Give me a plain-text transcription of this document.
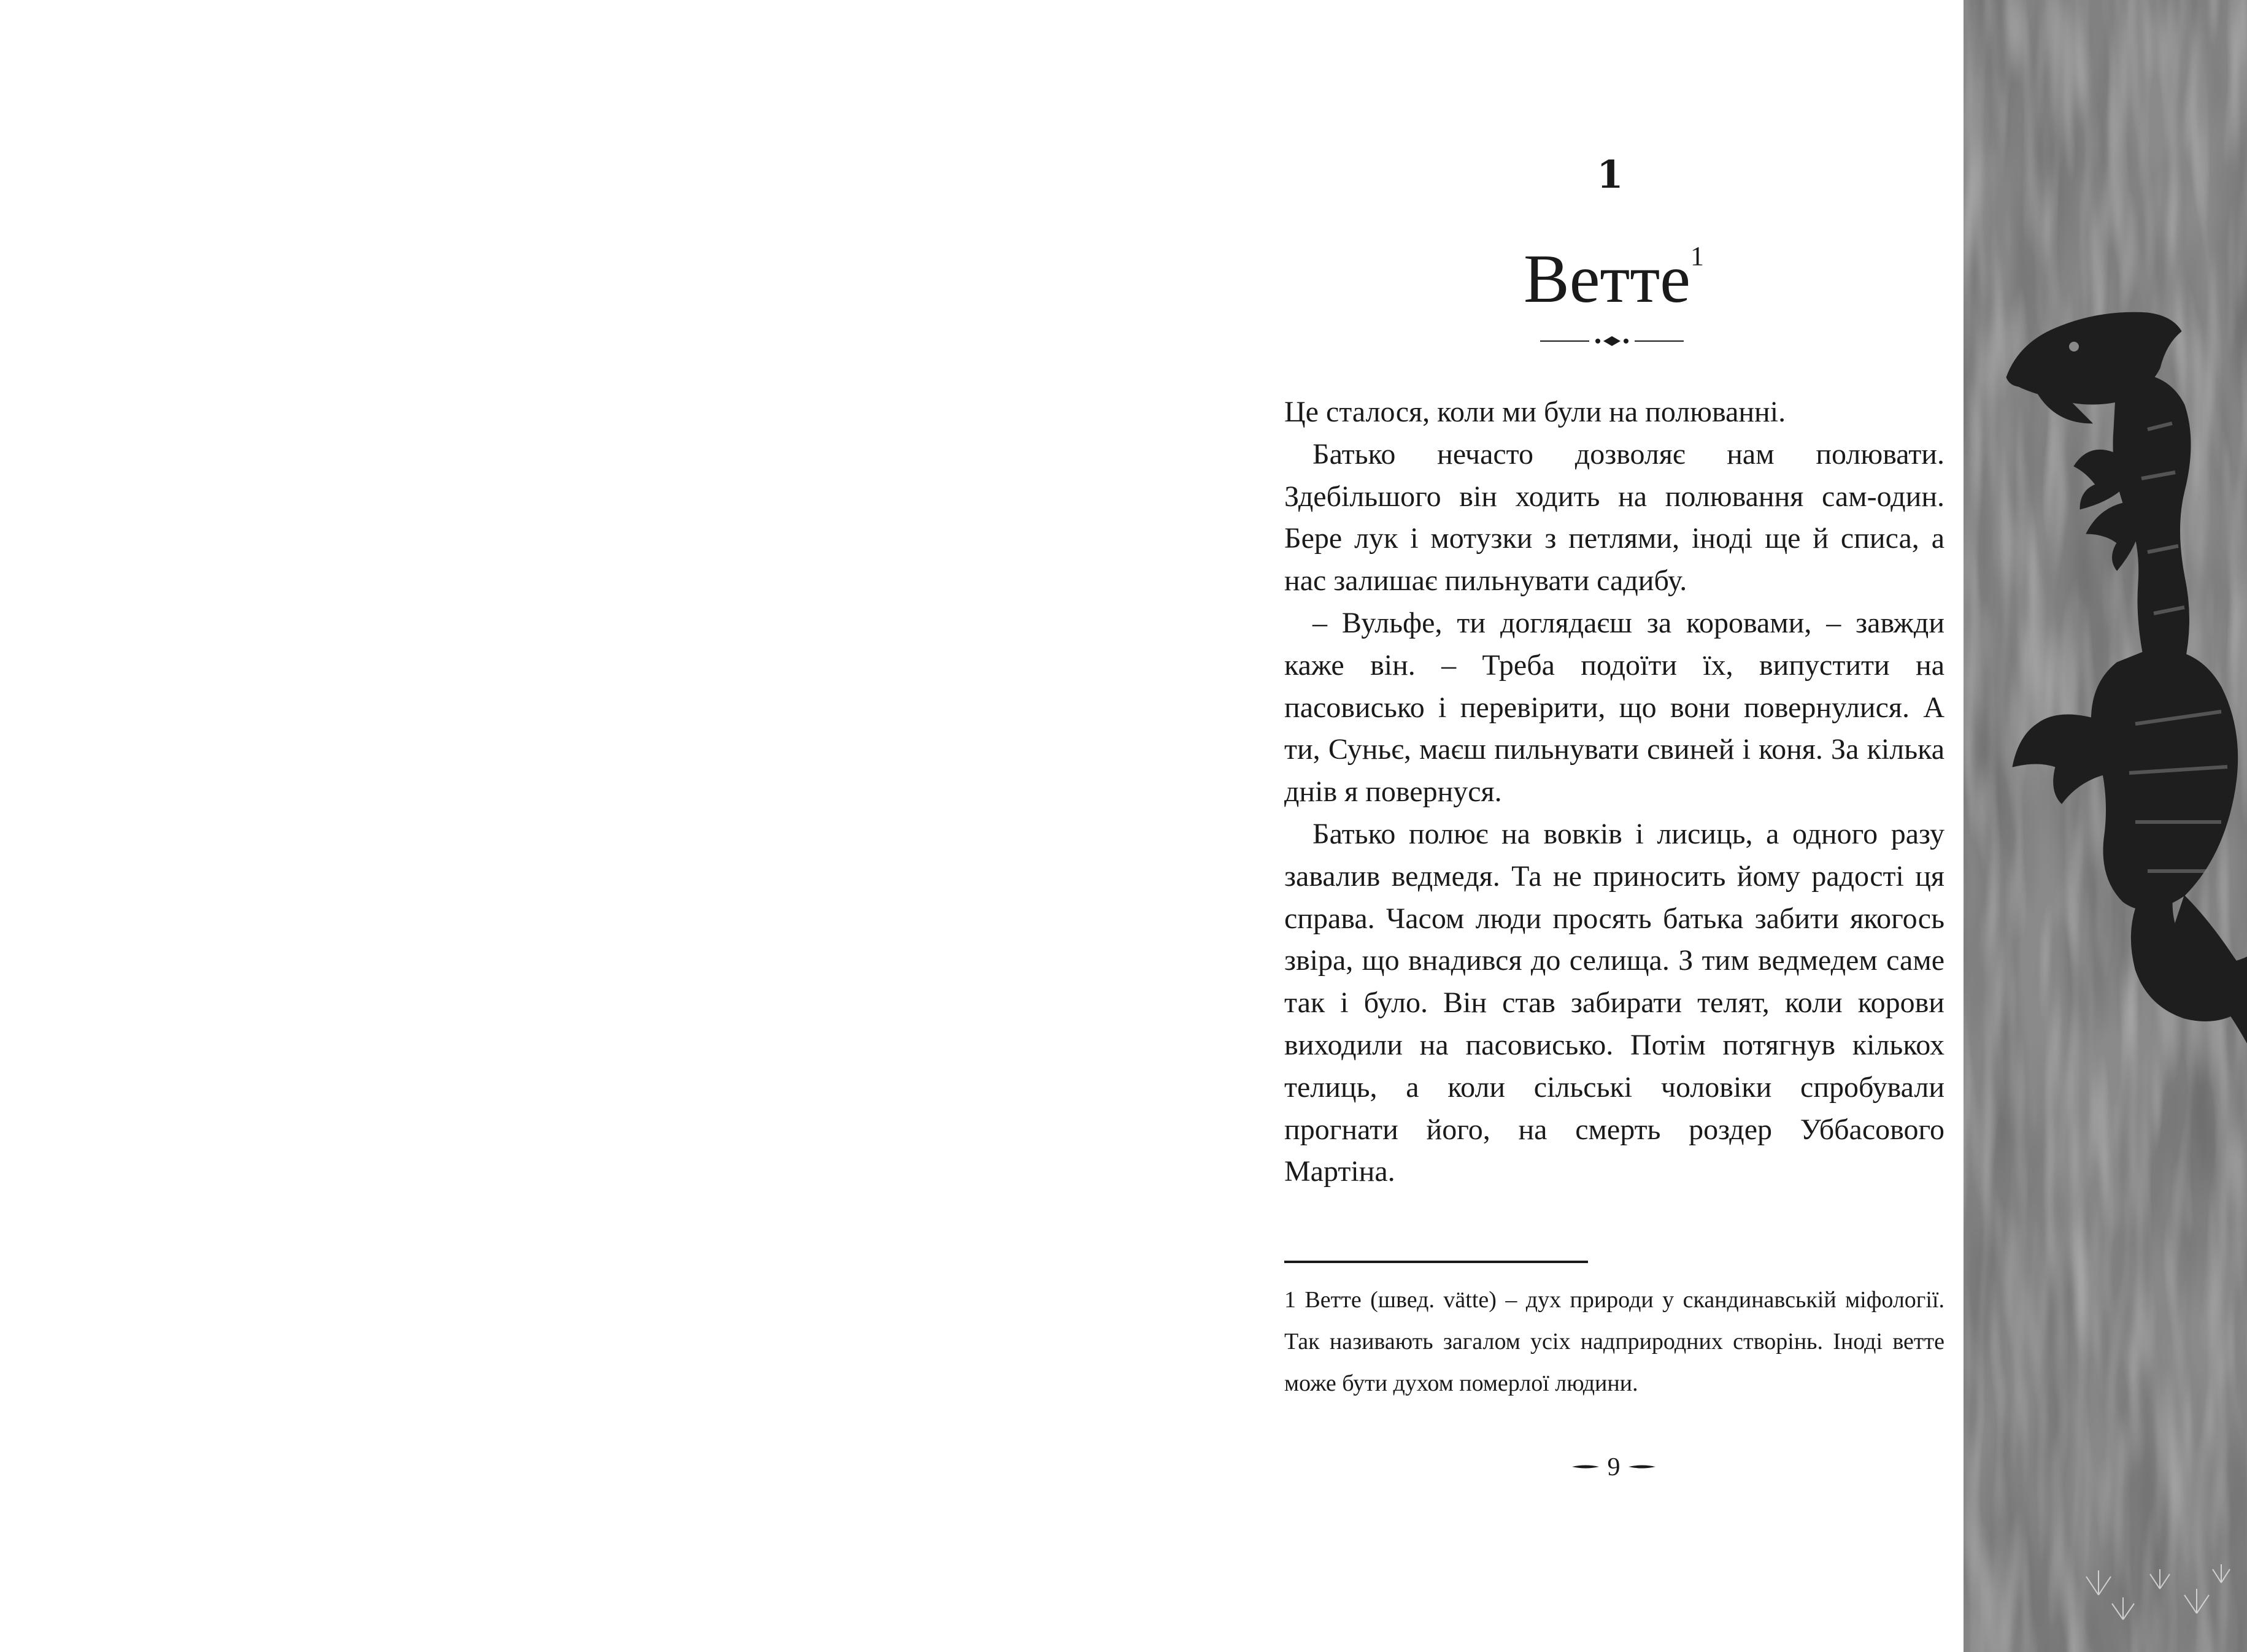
1
Ветте$^1$

Це сталося, коли ми були на полюванні.

Батько нечасто дозволяє нам полювати. Здебільшого він ходить на полювання сам-один. Бере лук і мотузки з петлями, іноді ще й списа, а нас залишає пильнувати садибу.

– Вульфе, ти доглядаєш за коровами, – завжди каже він. – Треба подоїти їх, випустити на пасовисько і перевірити, що вони повернулися. А ти, Суньє, маєш пильнувати свиней і коня. За кілька днів я повернуся.

Батько полює на вовків і лисиць, а одного разу завалив ведмедя. Та не приносить йому радості ця справа. Часом люди просять батька забити якогось звіра, що внадився до селища. З тим ведмедем саме так і було. Він став забирати телят, коли корови виходили на пасовисько. Потім потягнув кількох телиць, а коли сільські чоловіки спробували прогнати його, на смерть роздер Уббасового Мартіна.

1 Ветте (швед. vätte) – дух природи у скандинавській міфології. Так називають загалом усіх надприродних створінь. Іноді ветте може бути духом померлої людини.

9
